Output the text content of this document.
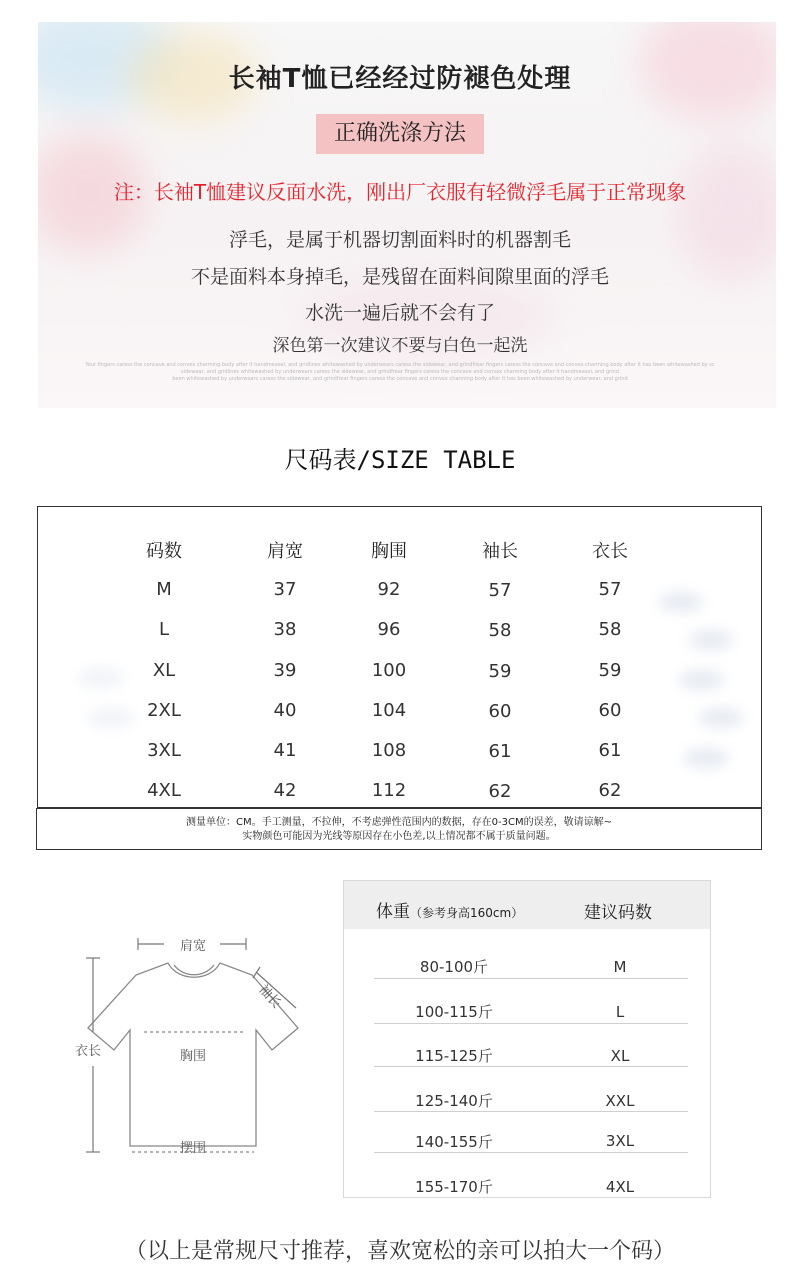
长袖T恤已经经过防褪色处理
正确洗涤方法
注：长袖T恤建议反面水洗，刚出厂衣服有轻微浮毛属于正常现象
浮毛，是属于机器切割面料时的机器割毛
不是面料本身掉毛，是残留在面料间隙里面的浮毛
水洗一遍后就不会有了
深色第一次建议不要与白色一起洗
Your fingers caress the concave and convex charming body after it handmeasel, and gridlines whitewashed by underwears caress the sidewear, and grindfrear fingers caress the concave and convex charming body after it has been whitewashed by sc
sidewear, and gridlines whitewashed by underwears caress the sidewear, and grindfrear fingers caress the concave and convex charming body after it handmeasel, and grind
been whitewashed by underwears caress the sidewear, and grindfrear fingers caress the concave and convex charming body after it has been whitewashed by underwear, and grind
尺码表/SIZE TABLE
码数	肩宽	胸围	袖长	衣长
M	37	92	57	57
L	38	96	58	58
XL	39	100	59	59
2XL	40	104	60	60
3XL	41	108	61	61
4XL	42	112	62	62
测量单位：CM。手工测量，不拉伸，不考虑弹性范围内的数据，存在0-3CM的误差，敬请谅解~
实物颜色可能因为光线等原因存在小色差,以上情况都不属于质量问题。
肩宽
袖长
衣长	胸围
摆围
体重（参考身高160cm）	建议码数
80-100斤	M
100-115斤	L
115-125斤	XL
125-140斤	XXL
140-155斤	3XL
155-170斤	4XL
（以上是常规尺寸推荐，喜欢宽松的亲可以拍大一个码）
